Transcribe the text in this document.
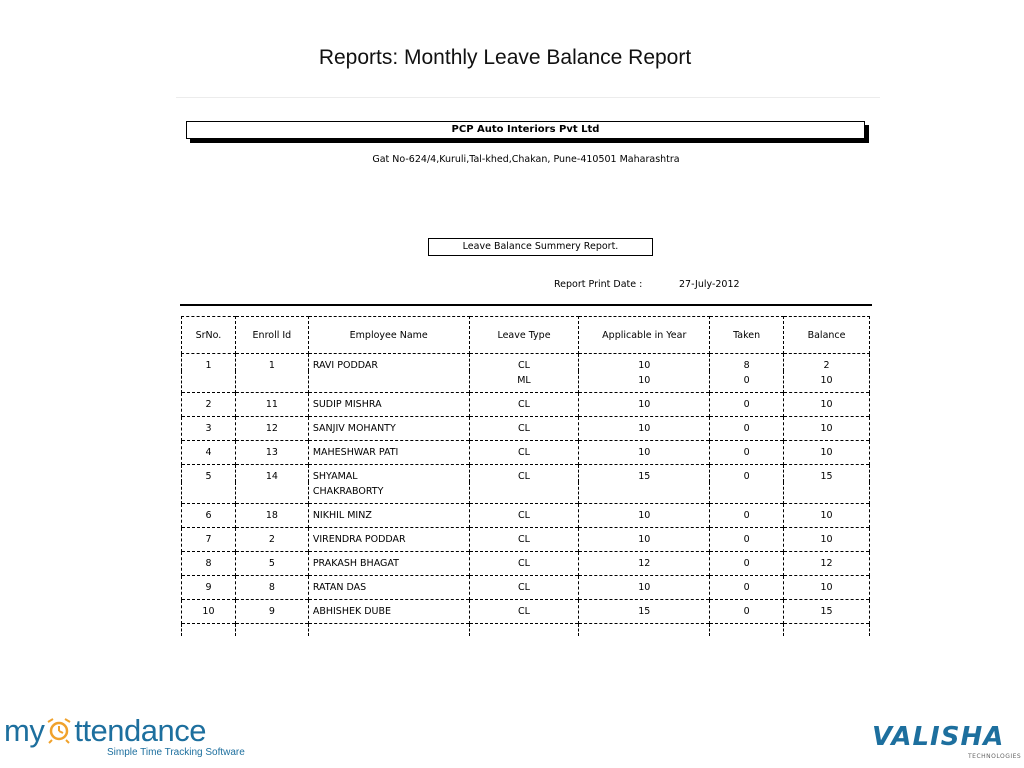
Reports: Monthly Leave Balance Report
PCP Auto Interiors Pvt Ltd
Gat No-624/4,Kuruli,Tal-khed,Chakan, Pune-410501 Maharashtra
Leave Balance Summery Report.
Report Print Date :	27-July-2012
SrNo.	Enroll Id	Employee Name	Leave Type	Applicable in Year	Taken	Balance
1	1	RAVI PODDAR	CL	10	8	2
			ML	10	0	10
2	11	SUDIP MISHRA	CL	10	0	10
3	12	SANJIV MOHANTY	CL	10	0	10
4	13	MAHESHWAR PATI	CL	10	0	10
5	14	SHYAMAL	CL	15	0	15
		CHAKRABORTY				
6	18	NIKHIL MINZ	CL	10	0	10
7	2	VIRENDRA PODDAR	CL	10	0	10
8	5	PRAKASH BHAGAT	CL	12	0	12
9	8	RATAN DAS	CL	10	0	10
10	9	ABHISHEK DUBE	CL	15	0	15

my ttendance
Simple Time Tracking Software
VALISHA
TECHNOLOGIES
